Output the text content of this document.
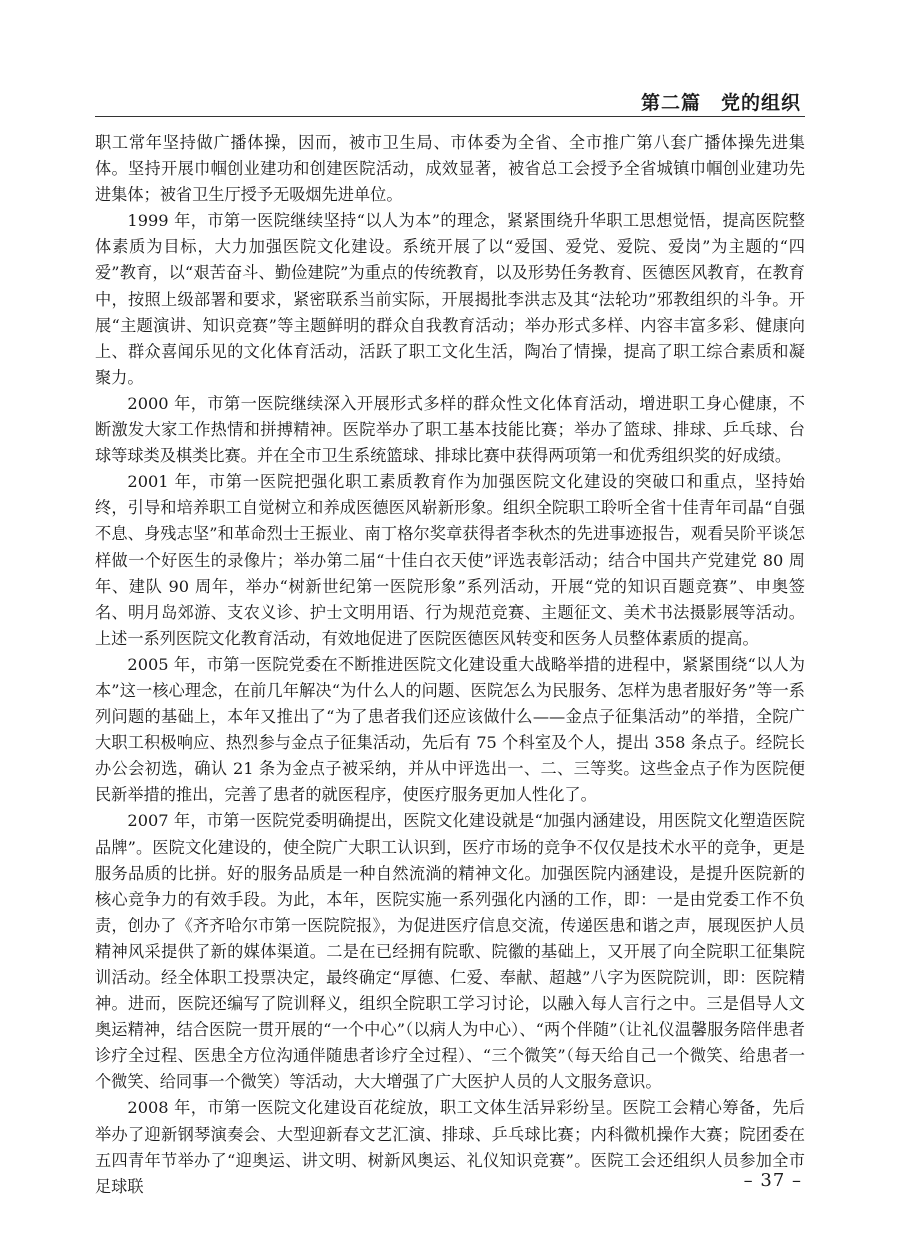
第二篇　党的组织

职工常年坚持做广播体操，因而，被市卫生局、市体委为全省、全市推广第八套广播体操先进集体。坚持开展巾帼创业建功和创建医院活动，成效显著，被省总工会授予全省城镇巾帼创业建功先进集体；被省卫生厅授予无吸烟先进单位。

1999 年，市第一医院继续坚持“以人为本”的理念，紧紧围绕升华职工思想觉悟，提高医院整体素质为目标，大力加强医院文化建设。系统开展了以“爱国、爱党、爱院、爱岗”为主题的“四爱”教育，以“艰苦奋斗、勤俭建院”为重点的传统教育，以及形势任务教育、医德医风教育，在教育中，按照上级部署和要求，紧密联系当前实际，开展揭批李洪志及其“法轮功”邪教组织的斗争。开展“主题演讲、知识竞赛”等主题鲜明的群众自我教育活动；举办形式多样、内容丰富多彩、健康向上、群众喜闻乐见的文化体育活动，活跃了职工文化生活，陶冶了情操，提高了职工综合素质和凝聚力。

2000 年，市第一医院继续深入开展形式多样的群众性文化体育活动，增进职工身心健康，不断激发大家工作热情和拼搏精神。医院举办了职工基本技能比赛；举办了篮球、排球、乒乓球、台球等球类及棋类比赛。并在全市卫生系统篮球、排球比赛中获得两项第一和优秀组织奖的好成绩。

2001 年，市第一医院把强化职工素质教育作为加强医院文化建设的突破口和重点，坚持始终，引导和培养职工自觉树立和养成医德医风崭新形象。组织全院职工聆听全省十佳青年司晶“自强不息、身残志坚”和革命烈士王振业、南丁格尔奖章获得者李秋杰的先进事迹报告，观看吴阶平谈怎样做一个好医生的录像片；举办第二届“十佳白衣天使”评选表彰活动；结合中国共产党建党 80 周年、建队 90 周年，举办“树新世纪第一医院形象”系列活动，开展“党的知识百题竞赛”、申奥签名、明月岛郊游、支农义诊、护士文明用语、行为规范竞赛、主题征文、美术书法摄影展等活动。上述一系列医院文化教育活动，有效地促进了医院医德医风转变和医务人员整体素质的提高。

2005 年，市第一医院党委在不断推进医院文化建设重大战略举措的进程中，紧紧围绕“以人为本”这一核心理念，在前几年解决“为什么人的问题、医院怎么为民服务、怎样为患者服好务”等一系列问题的基础上，本年又推出了“为了患者我们还应该做什么——金点子征集活动”的举措，全院广大职工积极响应、热烈参与金点子征集活动，先后有 75 个科室及个人，提出 358 条点子。经院长办公会初选，确认 21 条为金点子被采纳，并从中评选出一、二、三等奖。这些金点子作为医院便民新举措的推出，完善了患者的就医程序，使医疗服务更加人性化了。

2007 年，市第一医院党委明确提出，医院文化建设就是“加强内涵建设，用医院文化塑造医院品牌”。医院文化建设的，使全院广大职工认识到，医疗市场的竞争不仅仅是技术水平的竞争，更是服务品质的比拼。好的服务品质是一种自然流淌的精神文化。加强医院内涵建设，是提升医院新的核心竞争力的有效手段。为此，本年，医院实施一系列强化内涵的工作，即：一是由党委工作不负责，创办了《齐齐哈尔市第一医院院报》，为促进医疗信息交流，传递医患和谐之声，展现医护人员精神风采提供了新的媒体渠道。二是在已经拥有院歌、院徽的基础上，又开展了向全院职工征集院训活动。经全体职工投票决定，最终确定“厚德、仁爱、奉献、超越”八字为医院院训，即：医院精神。进而，医院还编写了院训释义，组织全院职工学习讨论，以融入每人言行之中。三是倡导人文奥运精神，结合医院一贯开展的“一个中心”（以病人为中心）、“两个伴随”（让礼仪温馨服务陪伴患者诊疗全过程、医患全方位沟通伴随患者诊疗全过程）、“三个微笑”（每天给自己一个微笑、给患者一个微笑、给同事一个微笑）等活动，大大增强了广大医护人员的人文服务意识。

2008 年，市第一医院文化建设百花绽放，职工文体生活异彩纷呈。医院工会精心筹备，先后举办了迎新钢琴演奏会、大型迎新春文艺汇演、排球、乒乓球比赛；内科微机操作大赛；院团委在五四青年节举办了“迎奥运、讲文明、树新风奥运、礼仪知识竞赛”。医院工会还组织人员参加全市足球联	– 37 –
